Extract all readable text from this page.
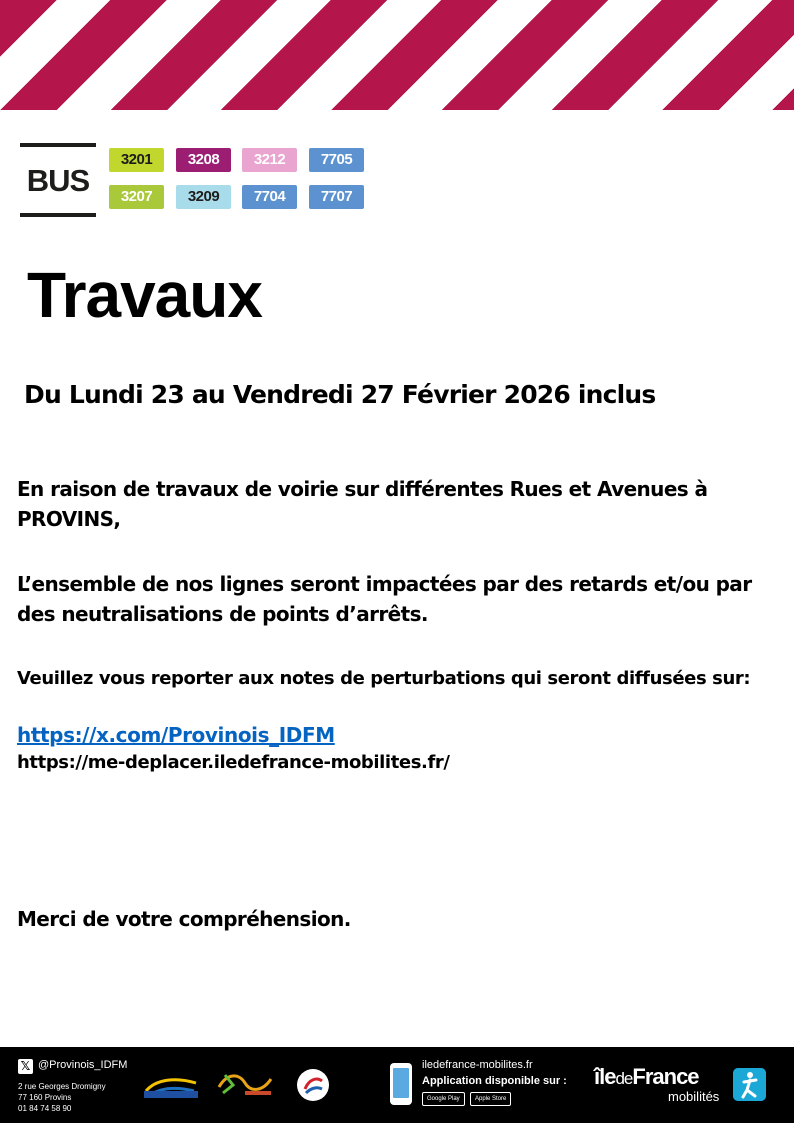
BUS
3201	3208	3212	7705
3207	3209	7704	7707
Travaux
Du Lundi 23 au Vendredi 27 Février 2026 inclus

En raison de travaux de voirie sur différentes Rues et Avenues à PROVINS,

L’ensemble de nos lignes seront impactées par des retards et/ou par des neutralisations de points d’arrêts.

Veuillez vous reporter aux notes de perturbations qui seront diffusées sur:

https://x.com/Provinois_IDFM
https://me-deplacer.iledefrance-mobilites.fr/

Merci de votre compréhension.

𝕏 @Provinois_IDFM
2 rue Georges Dromigny
77 160 Provins
01 84 74 58 90
iledefrance-mobilites.fr
Application disponible sur :
Google Play	Apple Store
îledeFrance
mobilités
